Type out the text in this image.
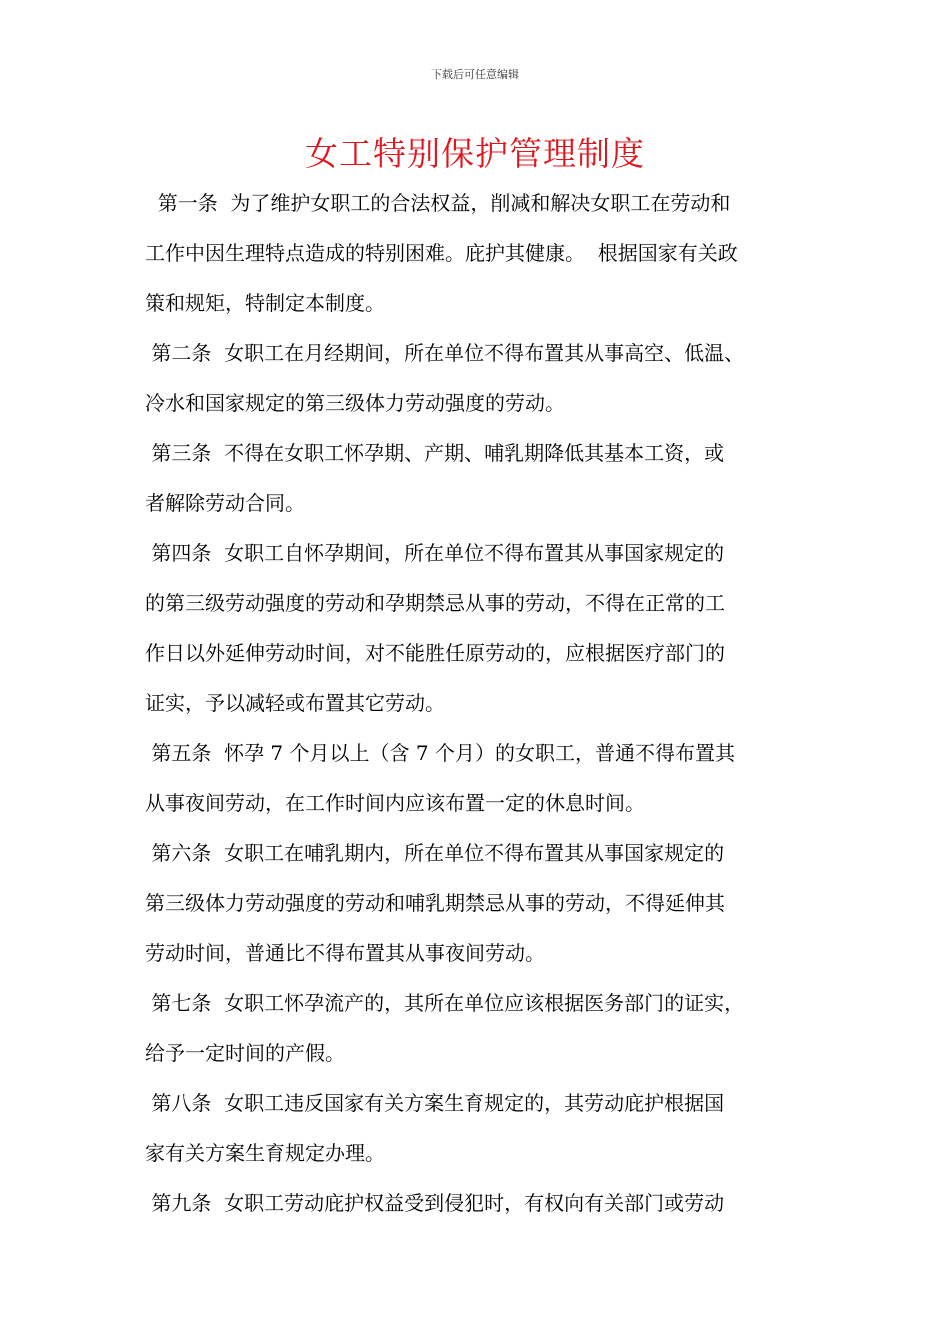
下载后可任意编辑
女工特别保护管理制度
第一条  为了维护女职工的合法权益，削减和解决女职工在劳动和
工作中因生理特点造成的特别困难。庇护其健康。  根据国家有关政
策和规矩，特制定本制度。
第二条  女职工在月经期间，所在单位不得布置其从事高空、低温、
冷水和国家规定的第三级体力劳动强度的劳动。
第三条  不得在女职工怀孕期、产期、哺乳期降低其基本工资，或
者解除劳动合同。
第四条  女职工自怀孕期间，所在单位不得布置其从事国家规定的
的第三级劳动强度的劳动和孕期禁忌从事的劳动，不得在正常的工
作日以外延伸劳动时间，对不能胜任原劳动的，应根据医疗部门的
证实，予以减轻或布置其它劳动。
第五条  怀孕 7 个月以上（含 7 个月）的女职工，普通不得布置其
从事夜间劳动，在工作时间内应该布置一定的休息时间。
第六条  女职工在哺乳期内，所在单位不得布置其从事国家规定的
第三级体力劳动强度的劳动和哺乳期禁忌从事的劳动，不得延伸其
劳动时间，普通比不得布置其从事夜间劳动。
第七条  女职工怀孕流产的，其所在单位应该根据医务部门的证实，
给予一定时间的产假。
第八条  女职工违反国家有关方案生育规定的，其劳动庇护根据国
家有关方案生育规定办理。
第九条  女职工劳动庇护权益受到侵犯时，有权向有关部门或劳动
